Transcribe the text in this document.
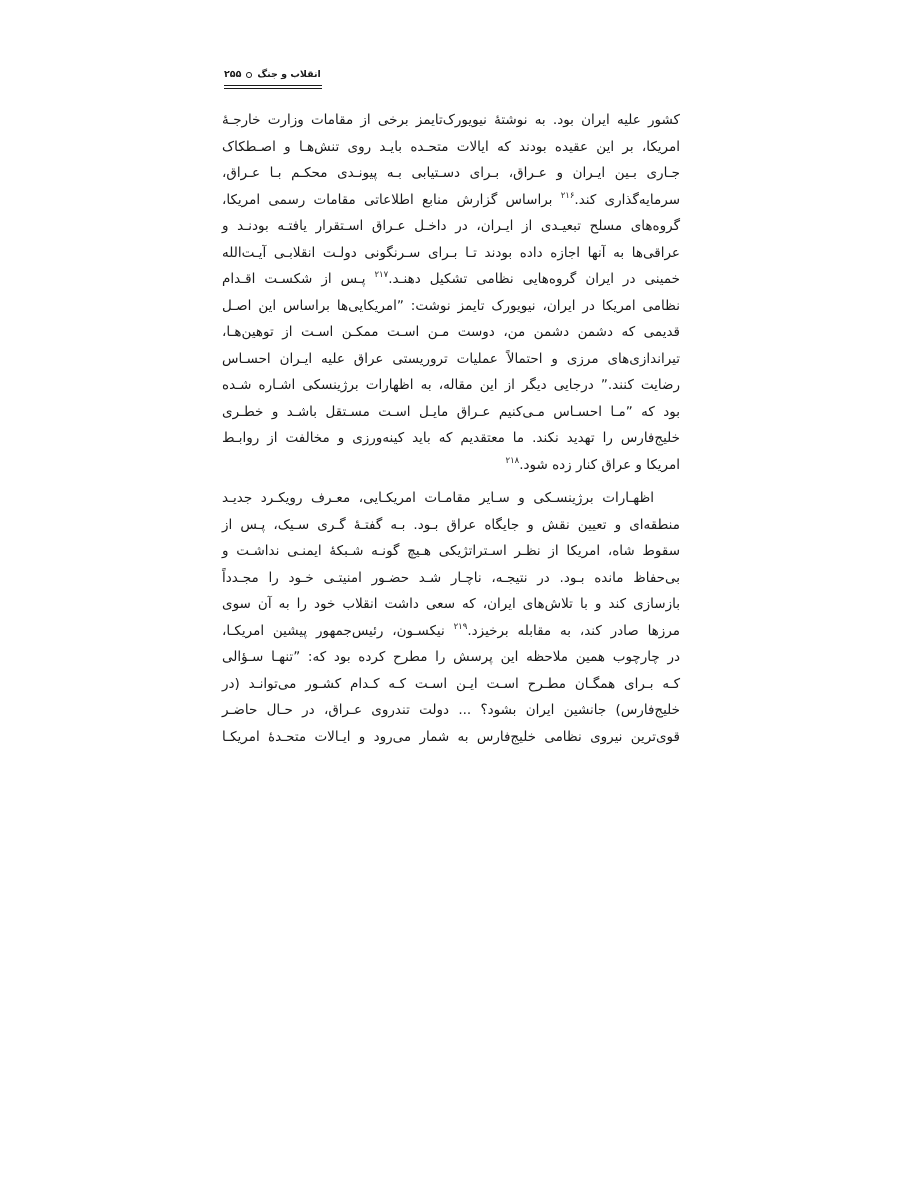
۲۵۵ انقلاب و جنگ

کشور علیه ایران بود. به نوشتۀ نیویورک‌تایمز برخی از مقامات وزارت خارجـۀ
امریکا، بر این عقیده بودند که ایالات متحـده بایـد روی تنش‌هـا و اصـطکاک
جـاری بـین ایـران و عـراق، بـرای دسـتیابی بـه پیونـدی محکـم بـا عـراق،
سرمایه‌گذاری کند.$^{۲۱۶}$ براساس گزارش منابع اطلاعاتی مقامات رسمی امریکا،
گروه‌های مسلح تبعیـدی از ایـران، در داخـل عـراق اسـتقرار یافتـه بودنـد و
عراقی‌ها به آنها اجازه داده بودند تـا بـرای سـرنگونی دولـت انقلابـی آیـت‌الله
خمینی در ایران گروه‌هایی نظامی تشکیل دهنـد.$^{۲۱۷}$ پـس از شکسـت اقـدام
نظامی امریکا در ایران، نیویورک تایمز نوشت: ˮامریکایی‌ها براساس این اصـل
قدیمی که دشمن دشمن من، دوست مـن اسـت ممکـن اسـت از توهین‌هـا،
تیراندازی‌های مرزی و احتمالاً عملیات تروریستی عراق علیه ایـران احسـاس
رضایت کنند.ˮ درجایی دیگر از این مقاله، به اظهارات برژینسکی اشـاره شـده
بود که ˮمـا احسـاس مـی‌کنیم عـراق مایـل اسـت مسـتقل باشـد و خطـری
خلیج‌فارس را تهدید نکند. ما معتقدیم که باید کینه‌ورزی و مخالفت از روابـط
امریکا و عراق کنار زده شود.$^{۲۱۸}$

اظهـارات برژینسـکی و سـایر مقامـات امریکـایی، معـرف رویکـرد جدیـد
منطقه‌ای و تعیین نقش و جایگاه عراق بـود. بـه گفتـۀ گـری سـیک، پـس از
سقوط شاه، امریکا از نظـر اسـتراتژیکی هـیچ گونـه شـبکۀ ایمنـی نداشـت و
بی‌حفاظ مانده بـود. در نتیجـه، ناچـار شـد حضـور امنیتـی خـود را مجـدداً
بازسازی کند و با تلاش‌های ایران، که سعی داشت انقلاب خود را به آن سوی
مرزها صادر کند، به مقابله برخیزد.$^{۲۱۹}$ نیکسـون، رئیس‌جمهور پیشین امریکـا،
در چارچوب همین ملاحظه این پرسش را مطرح کرده بود که: ˮتنهـا سـؤالی
کـه بـرای همگـان مطـرح اسـت ایـن اسـت کـه کـدام کشـور می‌توانـد (در
خلیج‌فارس) جانشین ایران بشود؟ ... دولت تندروی عـراق، در حـال حاضـر
قوی‌ترین نیروی نظامی خلیج‌فارس به شمار می‌رود و ایـالات متحـدۀ امریکـا
